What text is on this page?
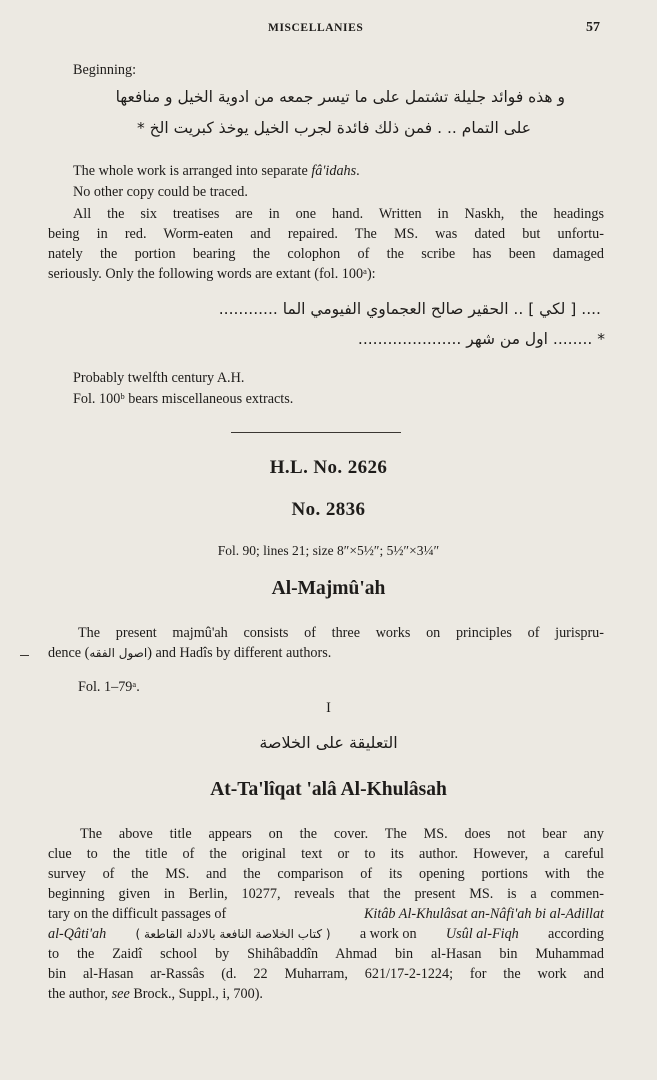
MISCELLANIES	57
Beginning:
و هذه فوائد جليلة تشتمل على ما تيسر جمعه من ادوية الخيل و منافعها
على التمام .. . فمن ذلك فائدة لجرب الخيل يوخذ كبريت الخ *
The whole work is arranged into separate fâ'idahs.
No other copy could be traced.
All the six treatises are in one hand. Written in Naskh, the headings
being in red. Worm-eaten and repaired. The MS. was dated but unfortu-
nately the portion bearing the colophon of the scribe has been damaged
seriously. Only the following words are extant (fol. 100ᵃ):
.... [ لكي ] .. الحقير صالح العجماوي الفيومي الما ............
* ........ اول من شهر .....................
Probably twelfth century A.H.
Fol. 100ᵇ bears miscellaneous extracts.
H.L. No. 2626
No. 2836
Fol. 90; lines 21; size 8″×5½″; 5½″×3¼″
Al-Majmû'ah
The present majmû'ah consists of three works on principles of jurispru-
dence (اصول الفقه) and Hadîs by different authors.
Fol. 1–79ᵃ.
I
التعليقة على الخلاصة
At-Ta'lîqat 'alâ Al-Khulâsah
The above title appears on the cover. The MS. does not bear any
clue to the title of the original text or to its author. However, a careful
survey of the MS. and the comparison of its opening portions with the
beginning given in Berlin, 10277, reveals that the present MS. is a commen-
tary on the difficult passages of	Kitâb Al-Khulâsat an-Nâfi'ah bi al-Adillat
al-Qâti'ah ( كتاب الخلاصة النافعة بالادلة القاطعة ) a work on Usûl al-Fiqh according
to the Zaidî school by Shihâbaddîn Ahmad bin al-Hasan bin Muhammad
bin al-Hasan ar-Rassâs (d. 22 Muharram, 621/17-2-1224; for the work and
the author, see Brock., Suppl., i, 700).
